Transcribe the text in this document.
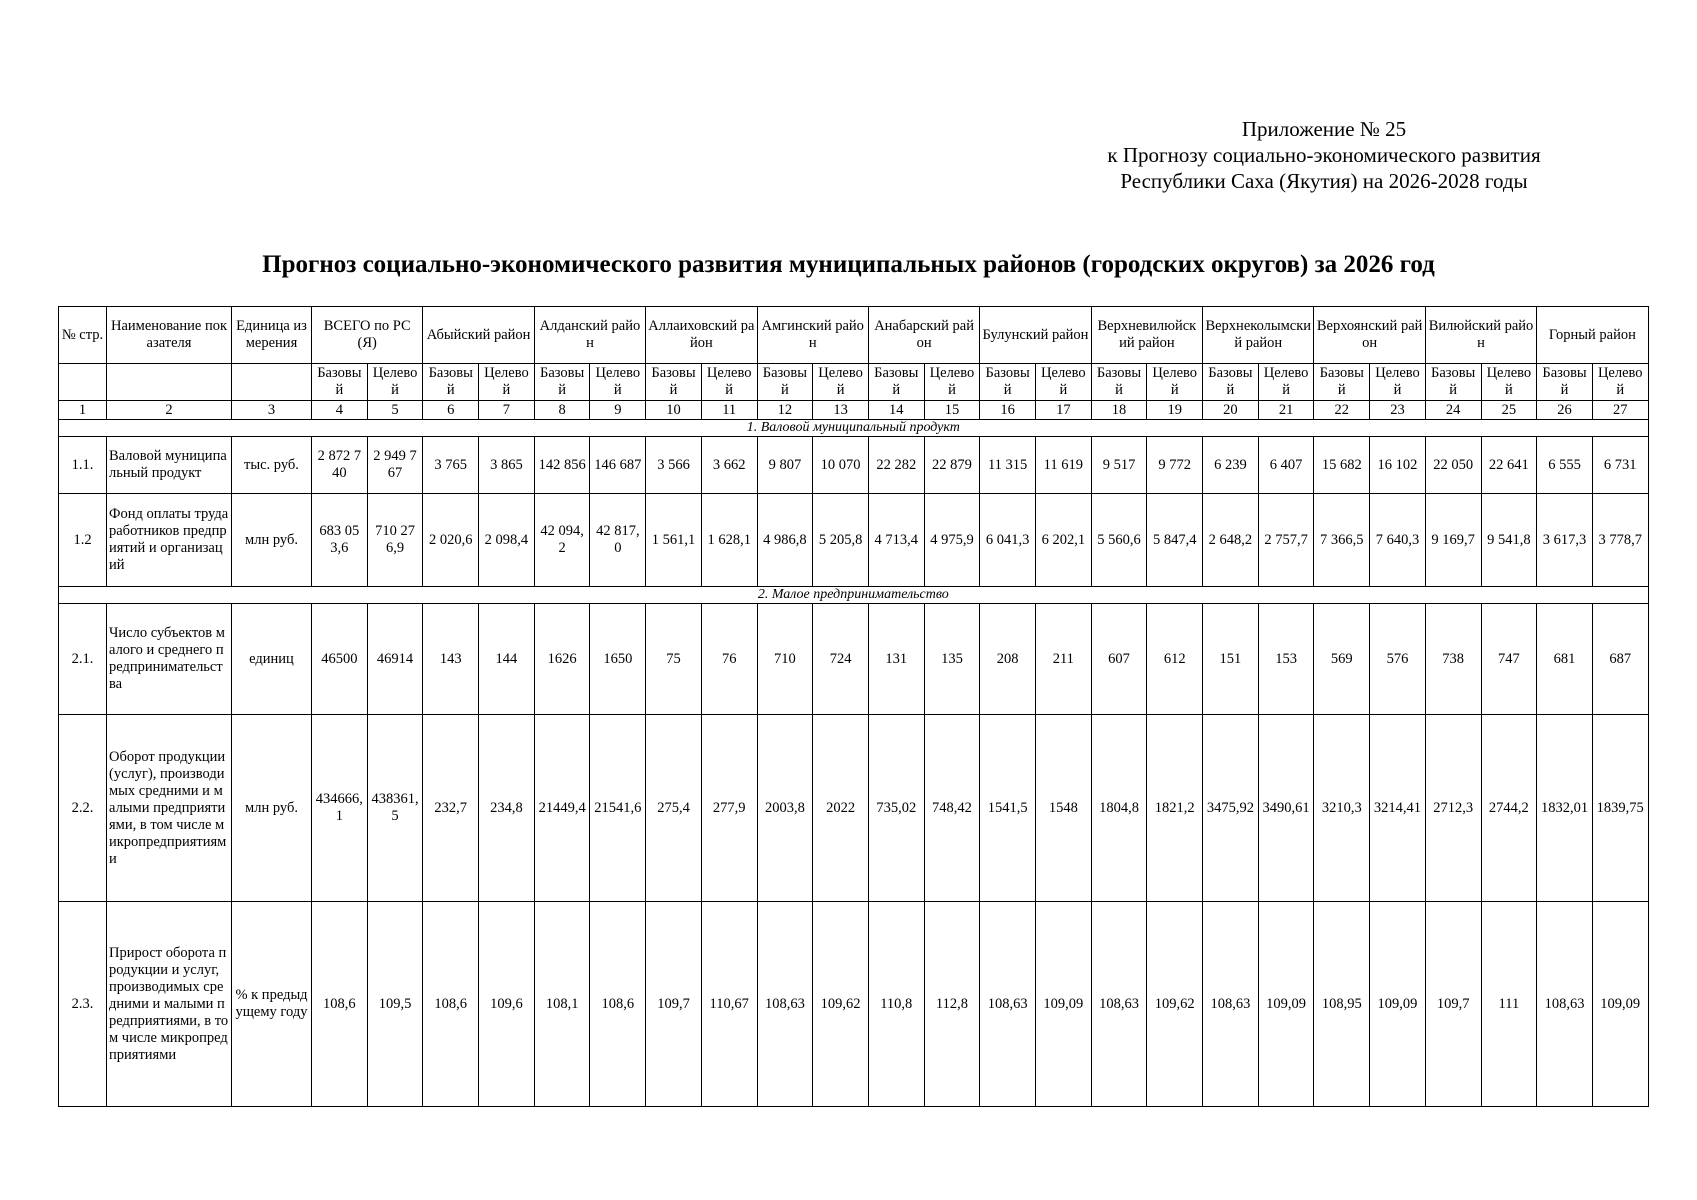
Приложение № 25
к Прогнозу социально-экономического развития
Республики Саха (Якутия) на 2026-2028 годы
Прогноз социально-экономического развития муниципальных районов (городских округов) за 2026 год
№ стр.	Наименование показателя	Единица измерения	ВСЕГО по РС (Я)		Абыйский район		Алданский район		Аллаиховский район		Амгинский район		Анабарский район		Булунский район		Верхневилюйский район		Верхнеколымский район		Верхоянский район		Вилюйский район		Горный район	
			Базовый	Целевой	Базовый	Целевой	Базовый	Целевой	Базовый	Целевой	Базовый	Целевой	Базовый	Целевой	Базовый	Целевой	Базовый	Целевой	Базовый	Целевой	Базовый	Целевой	Базовый	Целевой	Базовый	Целевой
1	2	3	4	5	6	7	8	9	10	11	12	13	14	15	16	17	18	19	20	21	22	23	24	25	26	27
1. Валовой муниципальный продукт																										
1.1.	Валовой муниципальный продукт	тыс. руб.	2 872 740	2 949 767	3 765	3 865	142 856	146 687	3 566	3 662	9 807	10 070	22 282	22 879	11 315	11 619	9 517	9 772	6 239	6 407	15 682	16 102	22 050	22 641	6 555	6 731
1.2	Фонд оплаты труда работников предприятий и организаций	млн руб.	683 053,6	710 276,9	2 020,6	2 098,4	42 094,2	42 817,0	1 561,1	1 628,1	4 986,8	5 205,8	4 713,4	4 975,9	6 041,3	6 202,1	5 560,6	5 847,4	2 648,2	2 757,7	7 366,5	7 640,3	9 169,7	9 541,8	3 617,3	3 778,7
2. Малое предпринимательство																										
2.1.	Число субъектов малого и среднего предпринимательства	единиц	46500	46914	143	144	1626	1650	75	76	710	724	131	135	208	211	607	612	151	153	569	576	738	747	681	687
2.2.	Оборот продукции (услуг), производимых средними и малыми предприятиями, в том числе микропредприятиями	млн руб.	434666,1	438361,5	232,7	234,8	21449,4	21541,6	275,4	277,9	2003,8	2022	735,02	748,42	1541,5	1548	1804,8	1821,2	3475,92	3490,61	3210,3	3214,41	2712,3	2744,2	1832,01	1839,75
2.3.	Прирост оборота продукции и услуг, производимых средними и малыми предприятиями, в том числе микропредприятиями	% к предыдущему году	108,6	109,5	108,6	109,6	108,1	108,6	109,7	110,67	108,63	109,62	110,8	112,8	108,63	109,09	108,63	109,62	108,63	109,09	108,95	109,09	109,7	111	108,63	109,09
